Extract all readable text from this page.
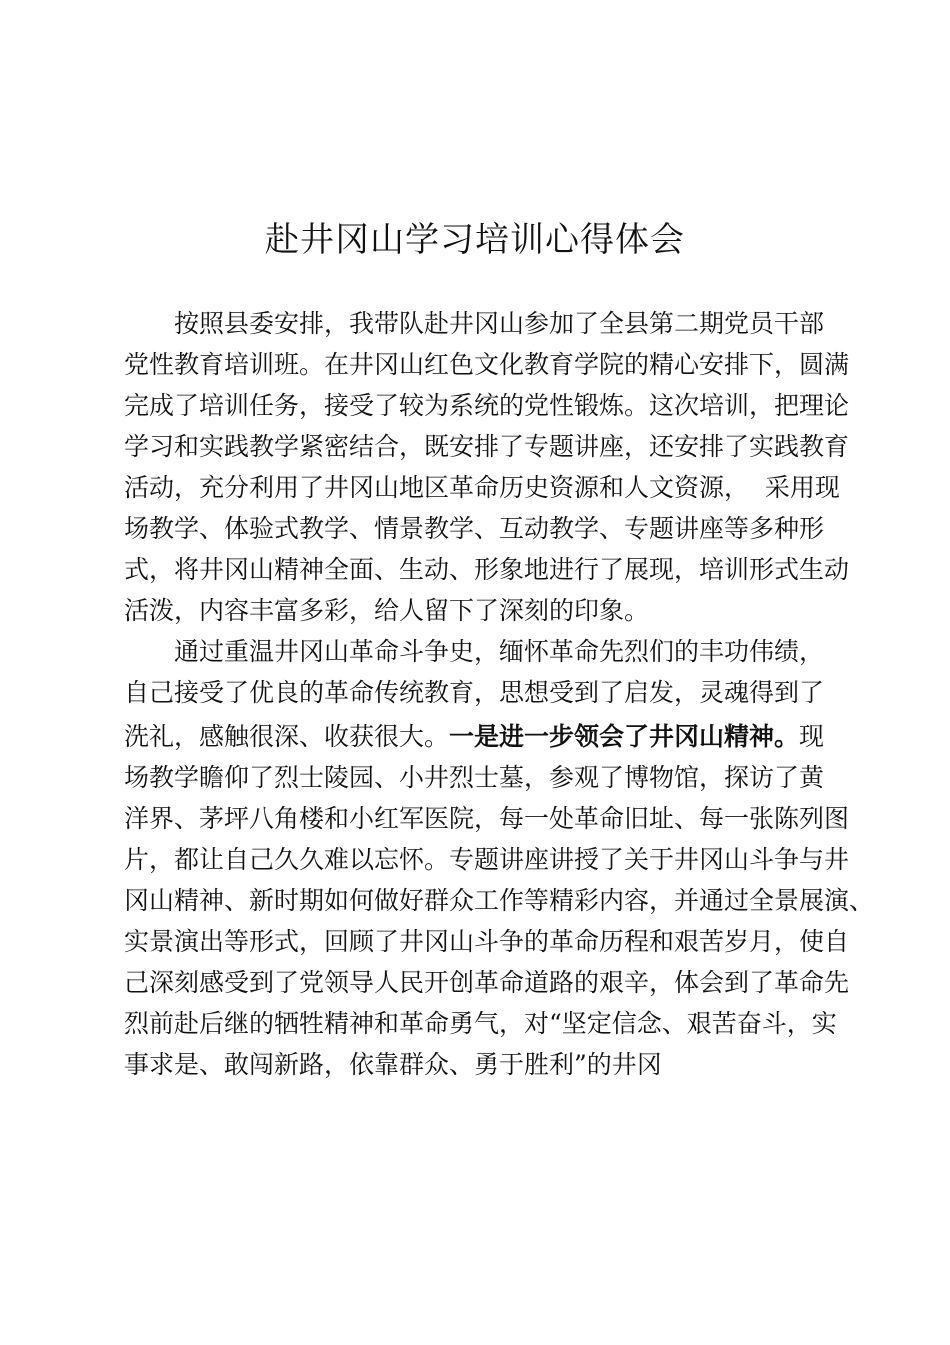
赴井冈山学习培训心得体会
按照县委安排，我带队赴井冈山参加了全县第二期党员干部
党性教育培训班。在井冈山红色文化教育学院的精心安排下，圆满
完成了培训任务，接受了较为系统的党性锻炼。这次培训，把理论
学习和实践教学紧密结合，既安排了专题讲座，还安排了实践教育
活动，充分利用了井冈山地区革命历史资源和人文资源，  采用现
场教学、体验式教学、情景教学、互动教学、专题讲座等多种形
式，将井冈山精神全面、生动、形象地进行了展现，培训形式生动
活泼，内容丰富多彩，给人留下了深刻的印象。
通过重温井冈山革命斗争史，缅怀革命先烈们的丰功伟绩，
自己接受了优良的革命传统教育，思想受到了启发，灵魂得到了
洗礼，感触很深、收获很大。一是进一步领会了井冈山精神。现
场教学瞻仰了烈士陵园、小井烈士墓，参观了博物馆，探访了黄
洋界、茅坪八角楼和小红军医院，每一处革命旧址、每一张陈列图
片，都让自己久久难以忘怀。专题讲座讲授了关于井冈山斗争与井
冈山精神、新时期如何做好群众工作等精彩内容，并通过全景展演、
实景演出等形式，回顾了井冈山斗争的革命历程和艰苦岁月，使自
己深刻感受到了党领导人民开创革命道路的艰辛，体会到了革命先
烈前赴后继的牺牲精神和革命勇气，对“坚定信念、艰苦奋斗，实
事求是、敢闯新路，依靠群众、勇于胜利”的井冈
